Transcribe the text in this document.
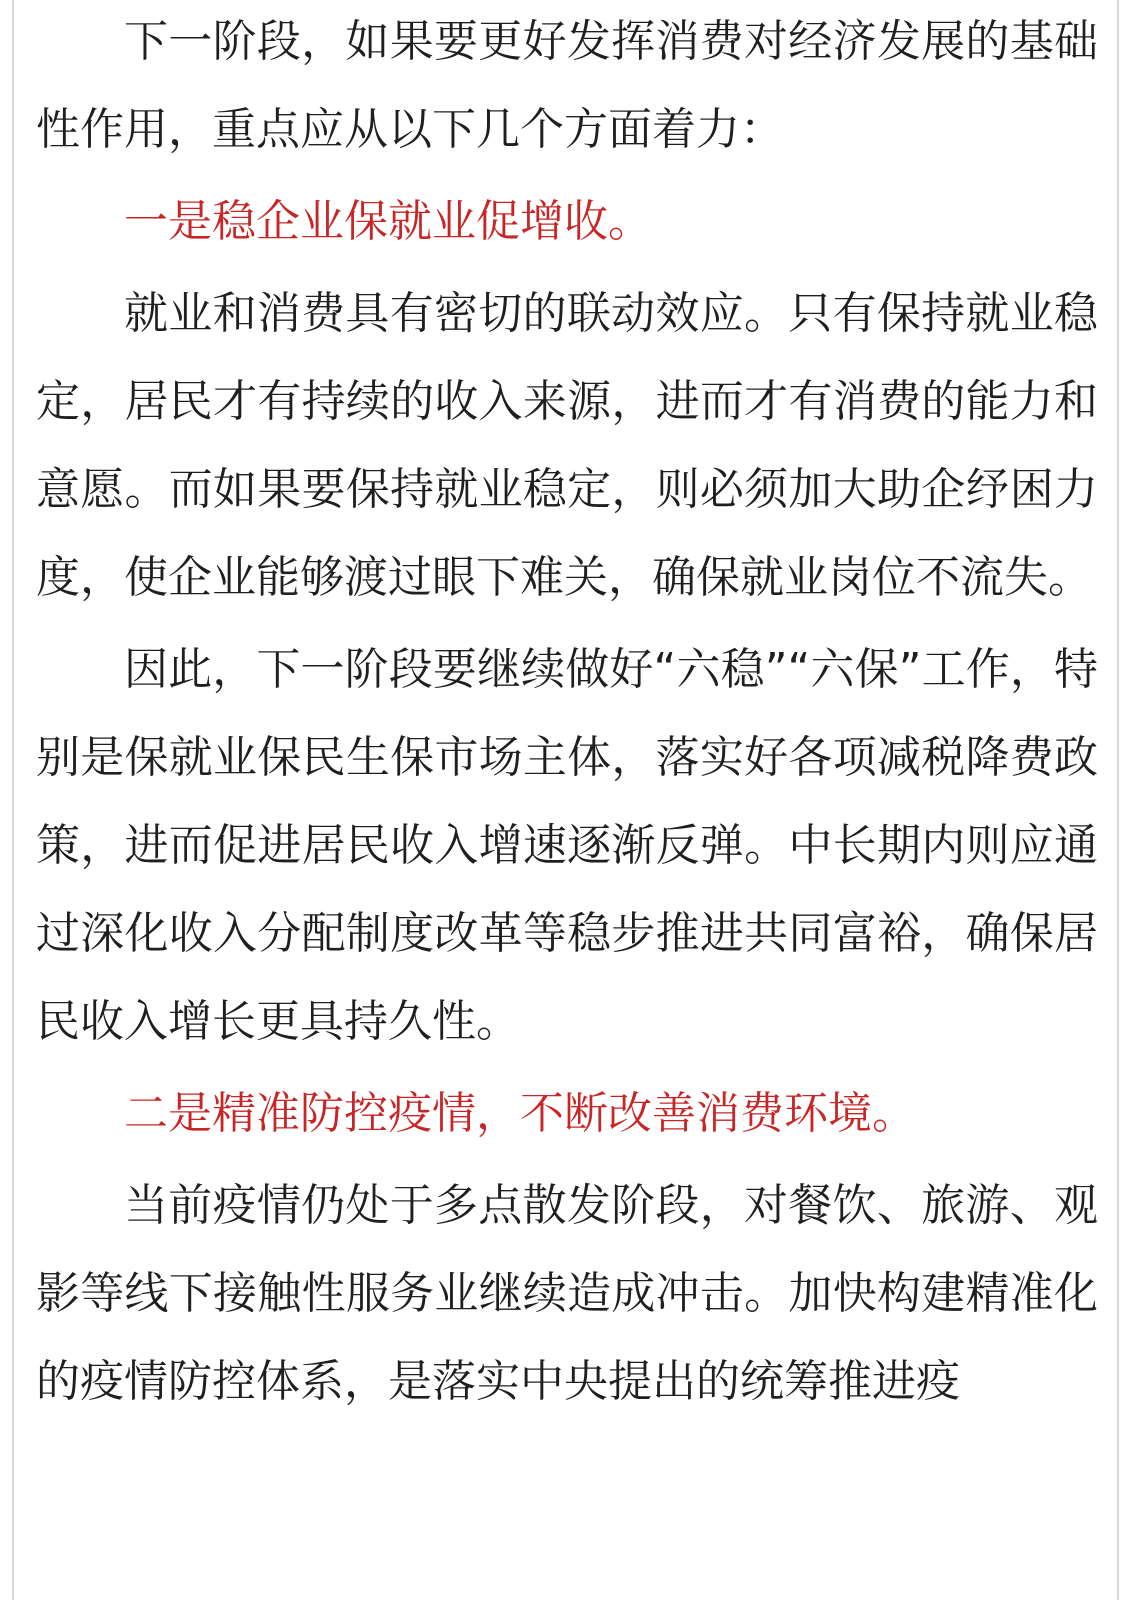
下一阶段，如果要更好发挥消费对经济发展的基础性作用，重点应从以下几个方面着力：

一是稳企业保就业促增收。

就业和消费具有密切的联动效应。只有保持就业稳定，居民才有持续的收入来源，进而才有消费的能力和意愿。而如果要保持就业稳定，则必须加大助企纾困力度，使企业能够渡过眼下难关，确保就业岗位不流失。

因此，下一阶段要继续做好“六稳”“六保”工作，特别是保就业保民生保市场主体，落实好各项减税降费政策，进而促进居民收入增速逐渐反弹。中长期内则应通过深化收入分配制度改革等稳步推进共同富裕，确保居民收入增长更具持久性。

二是精准防控疫情，不断改善消费环境。

当前疫情仍处于多点散发阶段，对餐饮、旅游、观影等线下接触性服务业继续造成冲击。加快构建精准化的疫情防控体系，是落实中央提出的统筹推进疫
